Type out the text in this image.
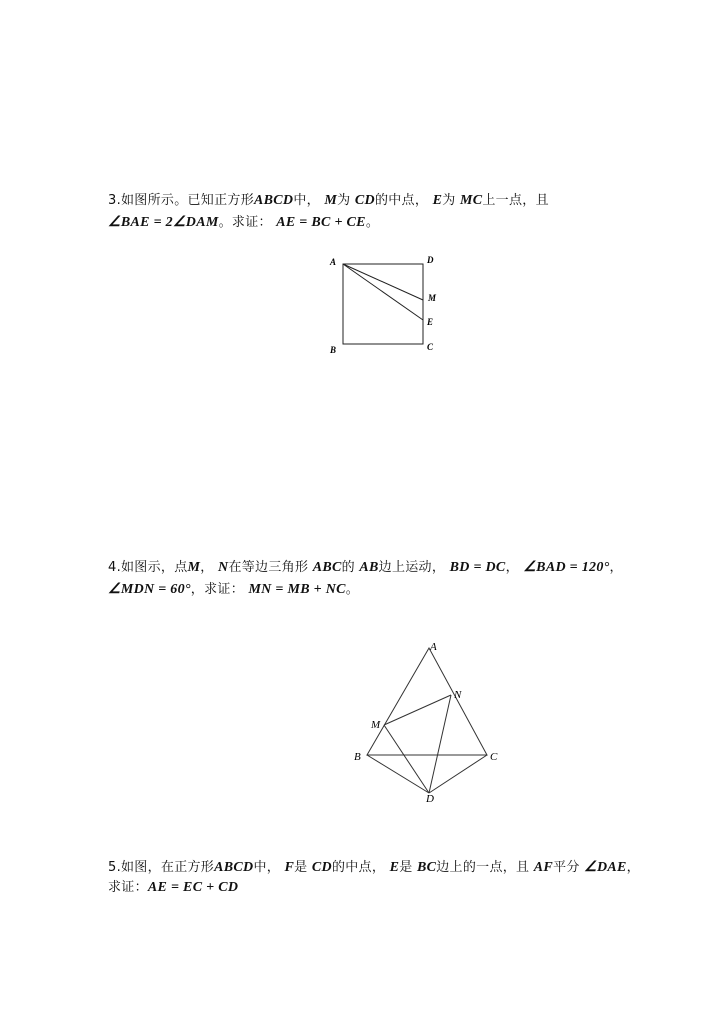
3.如图所示。已知正方形ABCD中， M为 CD的中点， E为 MC上一点，且
∠BAE = 2∠DAM。求证： AE = BC + CE。
A	D
M
E
B	C
4.如图示，点M， N在等边三角形 ABC的 AB边上运动， BD = DC， ∠BAD = 120°，
∠MDN = 60°，求证： MN = MB + NC。
A
N
M
B	C
D
5.如图，在正方形ABCD中， F是 CD的中点， E是 BC边上的一点，且 AF平分 ∠DAE，
求证：AE = EC + CD
